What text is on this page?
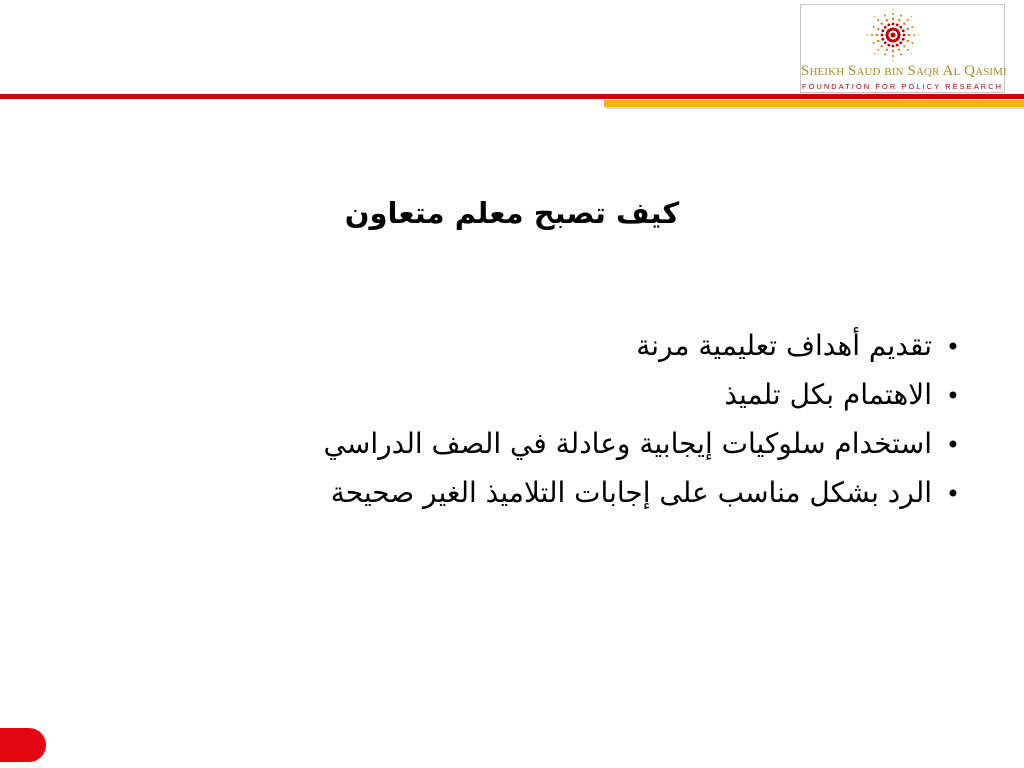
Sheikh Saud bin Saqr Al Qasimi
FOUNDATION FOR POLICY RESEARCH
كيف تصبح معلم متعاون
•
تقديم أهداف تعليمية مرنة
•
الاهتمام بكل تلميذ
•
استخدام سلوكيات إيجابية وعادلة في الصف الدراسي
•
الرد بشكل مناسب على إجابات التلاميذ الغير صحيحة
